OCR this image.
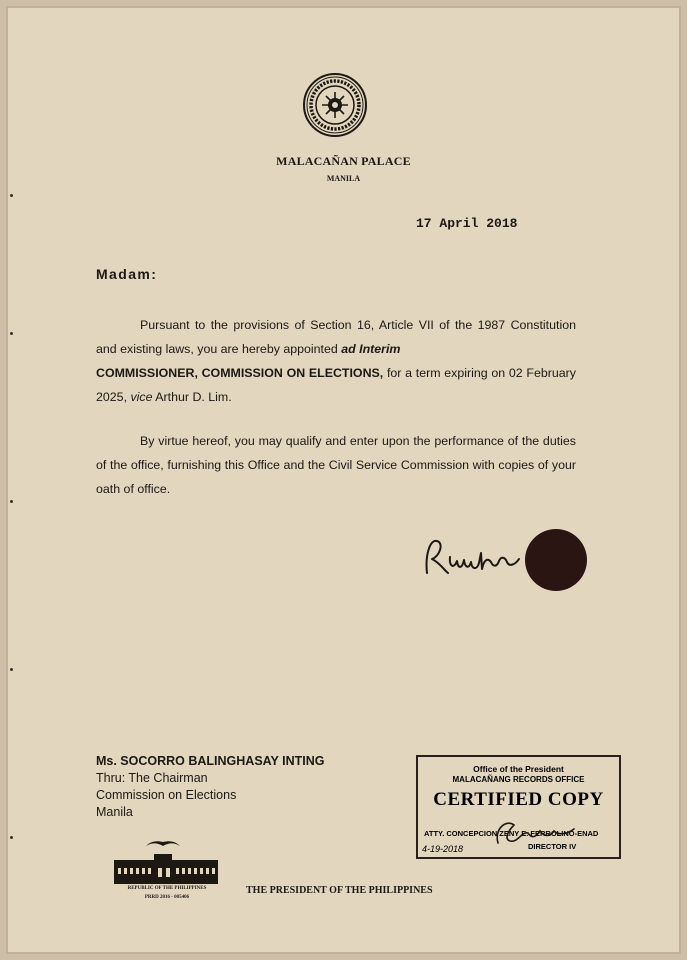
MALACAÑAN PALACE
MANILA
17 April 2018
Madam:
Pursuant to the provisions of Section 16, Article VII of the 1987 Constitution and existing laws, you are hereby appointed ad Interim
COMMISSIONER, COMMISSION ON ELECTIONS, for a term expiring on 02 February 2025, vice Arthur D. Lim.
By virtue hereof, you may qualify and enter upon the performance of the duties of the office, furnishing this Office and the Civil Service Commission with copies of your oath of office.
Ms. SOCORRO BALINGHASAY INTING
Thru: The Chairman
Commission on Elections
Manila
REPUBLIC OF THE PHILIPPINES
PRRD 2016 - 005406
THE PRESIDENT OF THE PHILIPPINES
Office of the President
MALACAÑANG RECORDS OFFICE
CERTIFIED COPY
ATTY. CONCEPCION ZENY E. FERROLINO-ENAD
DIRECTOR IV
4-19-2018
